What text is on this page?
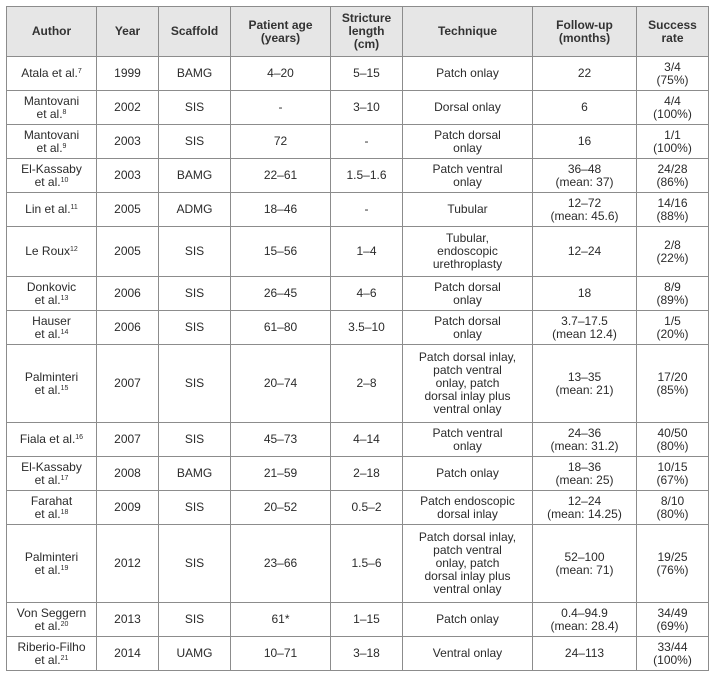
Author	Year	Scaffold	Patient age
(years)	Stricture
length
(cm)	Technique	Follow-up
(months)	Success
rate
Atala et al.$^7$	1999	BAMG	4–20	5–15	Patch onlay	22	3/4
(75%)
Mantovani
et al.$^8$	2002	SIS	-	3–10	Dorsal onlay	6	4/4
(100%)
Mantovani
et al.$^9$	2003	SIS	72	-	Patch dorsal
onlay	16	1/1
(100%)
El-Kassaby
et al.$^{10}$	2003	BAMG	22–61	1.5–1.6	Patch ventral
onlay	36–48
(mean: 37)	24/28
(86%)
Lin et al.$^{11}$	2005	ADMG	18–46	-	Tubular	12–72
(mean: 45.6)	14/16
(88%)
Le Roux$^{12}$	2005	SIS	15–56	1–4	Tubular,
endoscopic
urethroplasty	12–24	2/8
(22%)
Donkovic
et al.$^{13}$	2006	SIS	26–45	4–6	Patch dorsal
onlay	18	8/9
(89%)
Hauser
et al.$^{14}$	2006	SIS	61–80	3.5–10	Patch dorsal
onlay	3.7–17.5
(mean 12.4)	1/5
(20%)
Palminteri
et al.$^{15}$	2007	SIS	20–74	2–8	Patch dorsal inlay,
patch ventral
onlay, patch
dorsal inlay plus
ventral onlay	13–35
(mean: 21)	17/20
(85%)
Fiala et al.$^{16}$	2007	SIS	45–73	4–14	Patch ventral
onlay	24–36
(mean: 31.2)	40/50
(80%)
El-Kassaby
et al.$^{17}$	2008	BAMG	21–59	2–18	Patch onlay	18–36
(mean: 25)	10/15
(67%)
Farahat
et al.$^{18}$	2009	SIS	20–52	0.5–2	Patch endoscopic
dorsal inlay	12–24
(mean: 14.25)	8/10
(80%)
Palminteri
et al.$^{19}$	2012	SIS	23–66	1.5–6	Patch dorsal inlay,
patch ventral
onlay, patch
dorsal inlay plus
ventral onlay	52–100
(mean: 71)	19/25
(76%)
Von Seggern
et al.$^{20}$	2013	SIS	61*	1–15	Patch onlay	0.4–94.9
(mean: 28.4)	34/49
(69%)
Riberio-Filho
et al.$^{21}$	2014	UAMG	10–71	3–18	Ventral onlay	24–113	33/44
(100%)
